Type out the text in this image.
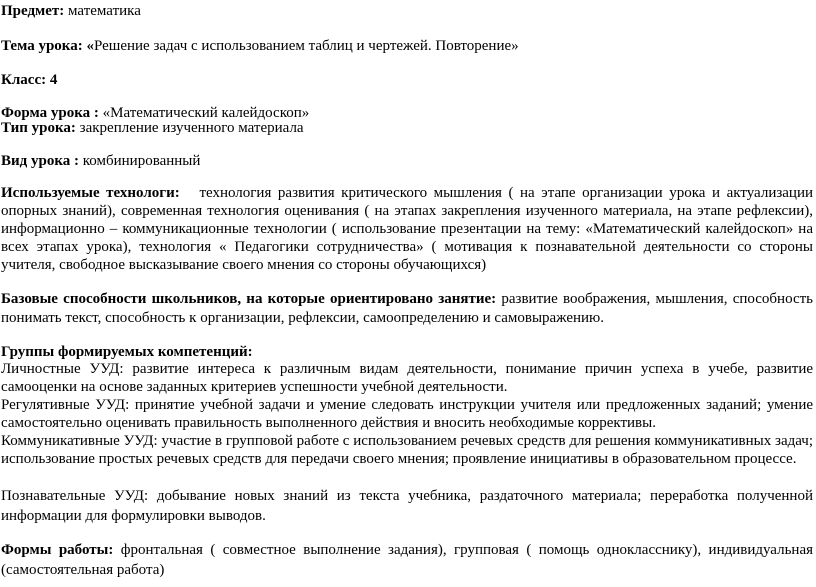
Предмет: математика
Тема урока: «Решение задач с использованием таблиц и чертежей. Повторение»
Класс: 4
Форма урока : «Математический калейдоскоп»
Тип урока: закрепление изученного материала
Вид урока : комбинированный
Используемые технологи: технология развития критического мышления ( на этапе организации урока и актуализации опорных знаний), современная технология оценивания ( на этапах закрепления изученного материала, на этапе рефлексии), информационно – коммуникационные технологии ( использование презентации на тему: «Математический калейдоскоп» на всех этапах урока), технология « Педагогики сотрудничества» ( мотивация к познавательной деятельности со стороны учителя, свободное высказывание своего мнения со стороны обучающихся)
Базовые способности школьников, на которые ориентировано занятие: развитие воображения, мышления, способность понимать текст, способность к организации, рефлексии, самоопределению и самовыражению.
Группы формируемых компетенций:
Личностные УУД: развитие интереса к различным видам деятельности, понимание причин успеха в учебе, развитие самооценки на основе заданных критериев успешности учебной деятельности.
Регулятивные УУД: принятие учебной задачи и умение следовать инструкции учителя или предложенных заданий; умение самостоятельно оценивать правильность выполненного действия и вносить необходимые коррективы.
Коммуникативные УУД: участие в групповой работе с использованием речевых средств для решения коммуникативных задач; использование простых речевых средств для передачи своего мнения; проявление инициативы в образовательном процессе.
Познавательные УУД: добывание новых знаний из текста учебника, раздаточного материала; переработка полученной информации для формулировки выводов.
Формы работы: фронтальная ( совместное выполнение задания), групповая ( помощь однокласснику), индивидуальная (самостоятельная работа)
